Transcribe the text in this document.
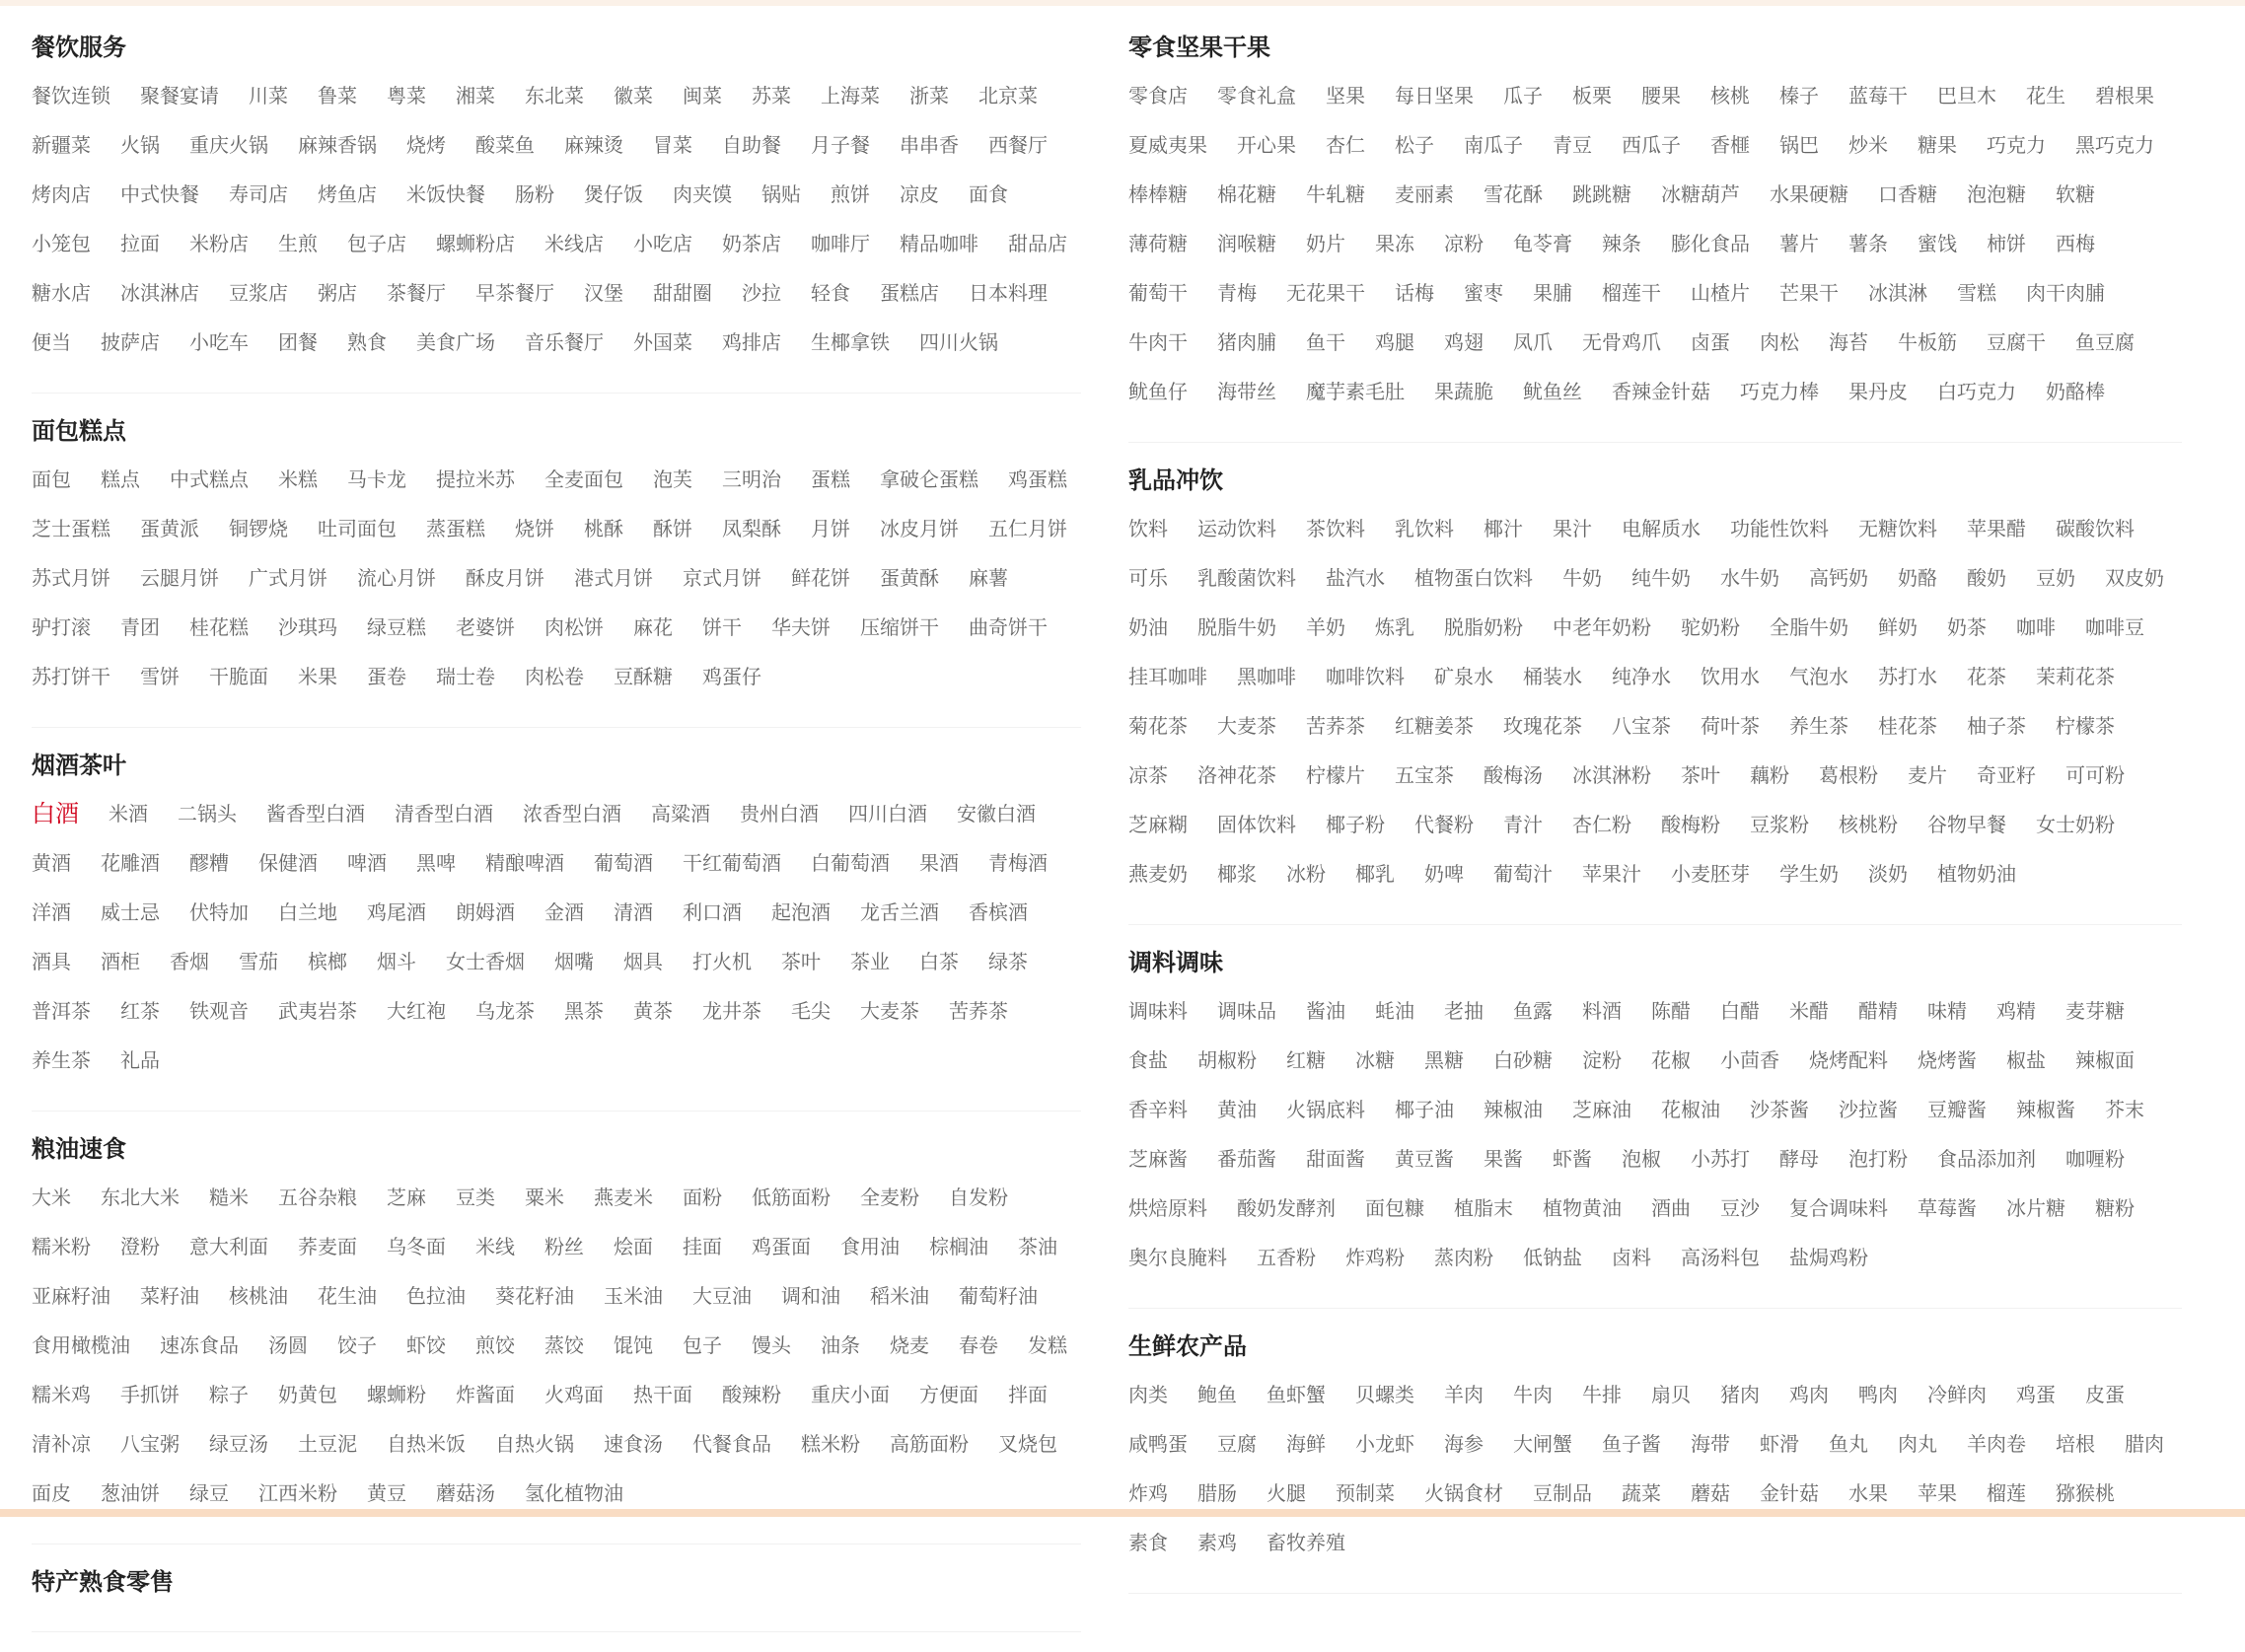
餐饮服务
餐饮连锁 聚餐宴请 川菜 鲁菜 粤菜 湘菜 东北菜 徽菜 闽菜 苏菜 上海菜 浙菜 北京菜
新疆菜 火锅 重庆火锅 麻辣香锅 烧烤 酸菜鱼 麻辣烫 冒菜 自助餐 月子餐 串串香 西餐厅
烤肉店 中式快餐 寿司店 烤鱼店 米饭快餐 肠粉 煲仔饭 肉夹馍 锅贴 煎饼 凉皮 面食
小笼包 拉面 米粉店 生煎 包子店 螺蛳粉店 米线店 小吃店 奶茶店 咖啡厅 精品咖啡 甜品店
糖水店 冰淇淋店 豆浆店 粥店 茶餐厅 早茶餐厅 汉堡 甜甜圈 沙拉 轻食 蛋糕店 日本料理
便当 披萨店 小吃车 团餐 熟食 美食广场 音乐餐厅 外国菜 鸡排店 生椰拿铁 四川火锅
面包糕点
面包 糕点 中式糕点 米糕 马卡龙 提拉米苏 全麦面包 泡芙 三明治 蛋糕 拿破仑蛋糕 鸡蛋糕
芝士蛋糕 蛋黄派 铜锣烧 吐司面包 蒸蛋糕 烧饼 桃酥 酥饼 凤梨酥 月饼 冰皮月饼 五仁月饼
苏式月饼 云腿月饼 广式月饼 流心月饼 酥皮月饼 港式月饼 京式月饼 鲜花饼 蛋黄酥 麻薯
驴打滚 青团 桂花糕 沙琪玛 绿豆糕 老婆饼 肉松饼 麻花 饼干 华夫饼 压缩饼干 曲奇饼干
苏打饼干 雪饼 干脆面 米果 蛋卷 瑞士卷 肉松卷 豆酥糖 鸡蛋仔
烟酒茶叶
白酒 米酒 二锅头 酱香型白酒 清香型白酒 浓香型白酒 高粱酒 贵州白酒 四川白酒 安徽白酒
黄酒 花雕酒 醪糟 保健酒 啤酒 黑啤 精酿啤酒 葡萄酒 干红葡萄酒 白葡萄酒 果酒 青梅酒
洋酒 威士忌 伏特加 白兰地 鸡尾酒 朗姆酒 金酒 清酒 利口酒 起泡酒 龙舌兰酒 香槟酒
酒具 酒柜 香烟 雪茄 槟榔 烟斗 女士香烟 烟嘴 烟具 打火机 茶叶 茶业 白茶 绿茶
普洱茶 红茶 铁观音 武夷岩茶 大红袍 乌龙茶 黑茶 黄茶 龙井茶 毛尖 大麦茶 苦荞茶
养生茶 礼品
粮油速食
大米 东北大米 糙米 五谷杂粮 芝麻 豆类 粟米 燕麦米 面粉 低筋面粉 全麦粉 自发粉
糯米粉 澄粉 意大利面 荞麦面 乌冬面 米线 粉丝 烩面 挂面 鸡蛋面 食用油 棕榈油 茶油
亚麻籽油 菜籽油 核桃油 花生油 色拉油 葵花籽油 玉米油 大豆油 调和油 稻米油 葡萄籽油
食用橄榄油 速冻食品 汤圆 饺子 虾饺 煎饺 蒸饺 馄饨 包子 馒头 油条 烧麦 春卷 发糕
糯米鸡 手抓饼 粽子 奶黄包 螺蛳粉 炸酱面 火鸡面 热干面 酸辣粉 重庆小面 方便面 拌面
清补凉 八宝粥 绿豆汤 土豆泥 自热米饭 自热火锅 速食汤 代餐食品 糕米粉 高筋面粉 叉烧包
面皮 葱油饼 绿豆 江西米粉 黄豆 蘑菇汤 氢化植物油
特产熟食零售
零食坚果干果
零食店 零食礼盒 坚果 每日坚果 瓜子 板栗 腰果 核桃 榛子 蓝莓干 巴旦木 花生 碧根果
夏威夷果 开心果 杏仁 松子 南瓜子 青豆 西瓜子 香榧 锅巴 炒米 糖果 巧克力 黑巧克力
棒棒糖 棉花糖 牛轧糖 麦丽素 雪花酥 跳跳糖 冰糖葫芦 水果硬糖 口香糖 泡泡糖 软糖
薄荷糖 润喉糖 奶片 果冻 凉粉 龟苓膏 辣条 膨化食品 薯片 薯条 蜜饯 柿饼 西梅
葡萄干 青梅 无花果干 话梅 蜜枣 果脯 榴莲干 山楂片 芒果干 冰淇淋 雪糕 肉干肉脯
牛肉干 猪肉脯 鱼干 鸡腿 鸡翅 凤爪 无骨鸡爪 卤蛋 肉松 海苔 牛板筋 豆腐干 鱼豆腐
鱿鱼仔 海带丝 魔芋素毛肚 果蔬脆 鱿鱼丝 香辣金针菇 巧克力棒 果丹皮 白巧克力 奶酪棒
乳品冲饮
饮料 运动饮料 茶饮料 乳饮料 椰汁 果汁 电解质水 功能性饮料 无糖饮料 苹果醋 碳酸饮料
可乐 乳酸菌饮料 盐汽水 植物蛋白饮料 牛奶 纯牛奶 水牛奶 高钙奶 奶酪 酸奶 豆奶 双皮奶
奶油 脱脂牛奶 羊奶 炼乳 脱脂奶粉 中老年奶粉 驼奶粉 全脂牛奶 鲜奶 奶茶 咖啡 咖啡豆
挂耳咖啡 黑咖啡 咖啡饮料 矿泉水 桶装水 纯净水 饮用水 气泡水 苏打水 花茶 茉莉花茶
菊花茶 大麦茶 苦荞茶 红糖姜茶 玫瑰花茶 八宝茶 荷叶茶 养生茶 桂花茶 柚子茶 柠檬茶
凉茶 洛神花茶 柠檬片 五宝茶 酸梅汤 冰淇淋粉 茶叶 藕粉 葛根粉 麦片 奇亚籽 可可粉
芝麻糊 固体饮料 椰子粉 代餐粉 青汁 杏仁粉 酸梅粉 豆浆粉 核桃粉 谷物早餐 女士奶粉
燕麦奶 椰浆 冰粉 椰乳 奶啤 葡萄汁 苹果汁 小麦胚芽 学生奶 淡奶 植物奶油
调料调味
调味料 调味品 酱油 蚝油 老抽 鱼露 料酒 陈醋 白醋 米醋 醋精 味精 鸡精 麦芽糖
食盐 胡椒粉 红糖 冰糖 黑糖 白砂糖 淀粉 花椒 小茴香 烧烤配料 烧烤酱 椒盐 辣椒面
香辛料 黄油 火锅底料 椰子油 辣椒油 芝麻油 花椒油 沙茶酱 沙拉酱 豆瓣酱 辣椒酱 芥末
芝麻酱 番茄酱 甜面酱 黄豆酱 果酱 虾酱 泡椒 小苏打 酵母 泡打粉 食品添加剂 咖喱粉
烘焙原料 酸奶发酵剂 面包糠 植脂末 植物黄油 酒曲 豆沙 复合调味料 草莓酱 冰片糖 糖粉
奥尔良腌料 五香粉 炸鸡粉 蒸肉粉 低钠盐 卤料 高汤料包 盐焗鸡粉
生鲜农产品
肉类 鲍鱼 鱼虾蟹 贝螺类 羊肉 牛肉 牛排 扇贝 猪肉 鸡肉 鸭肉 冷鲜肉 鸡蛋 皮蛋
咸鸭蛋 豆腐 海鲜 小龙虾 海参 大闸蟹 鱼子酱 海带 虾滑 鱼丸 肉丸 羊肉卷 培根 腊肉
炸鸡 腊肠 火腿 预制菜 火锅食材 豆制品 蔬菜 蘑菇 金针菇 水果 苹果 榴莲 猕猴桃
素食 素鸡 畜牧养殖
